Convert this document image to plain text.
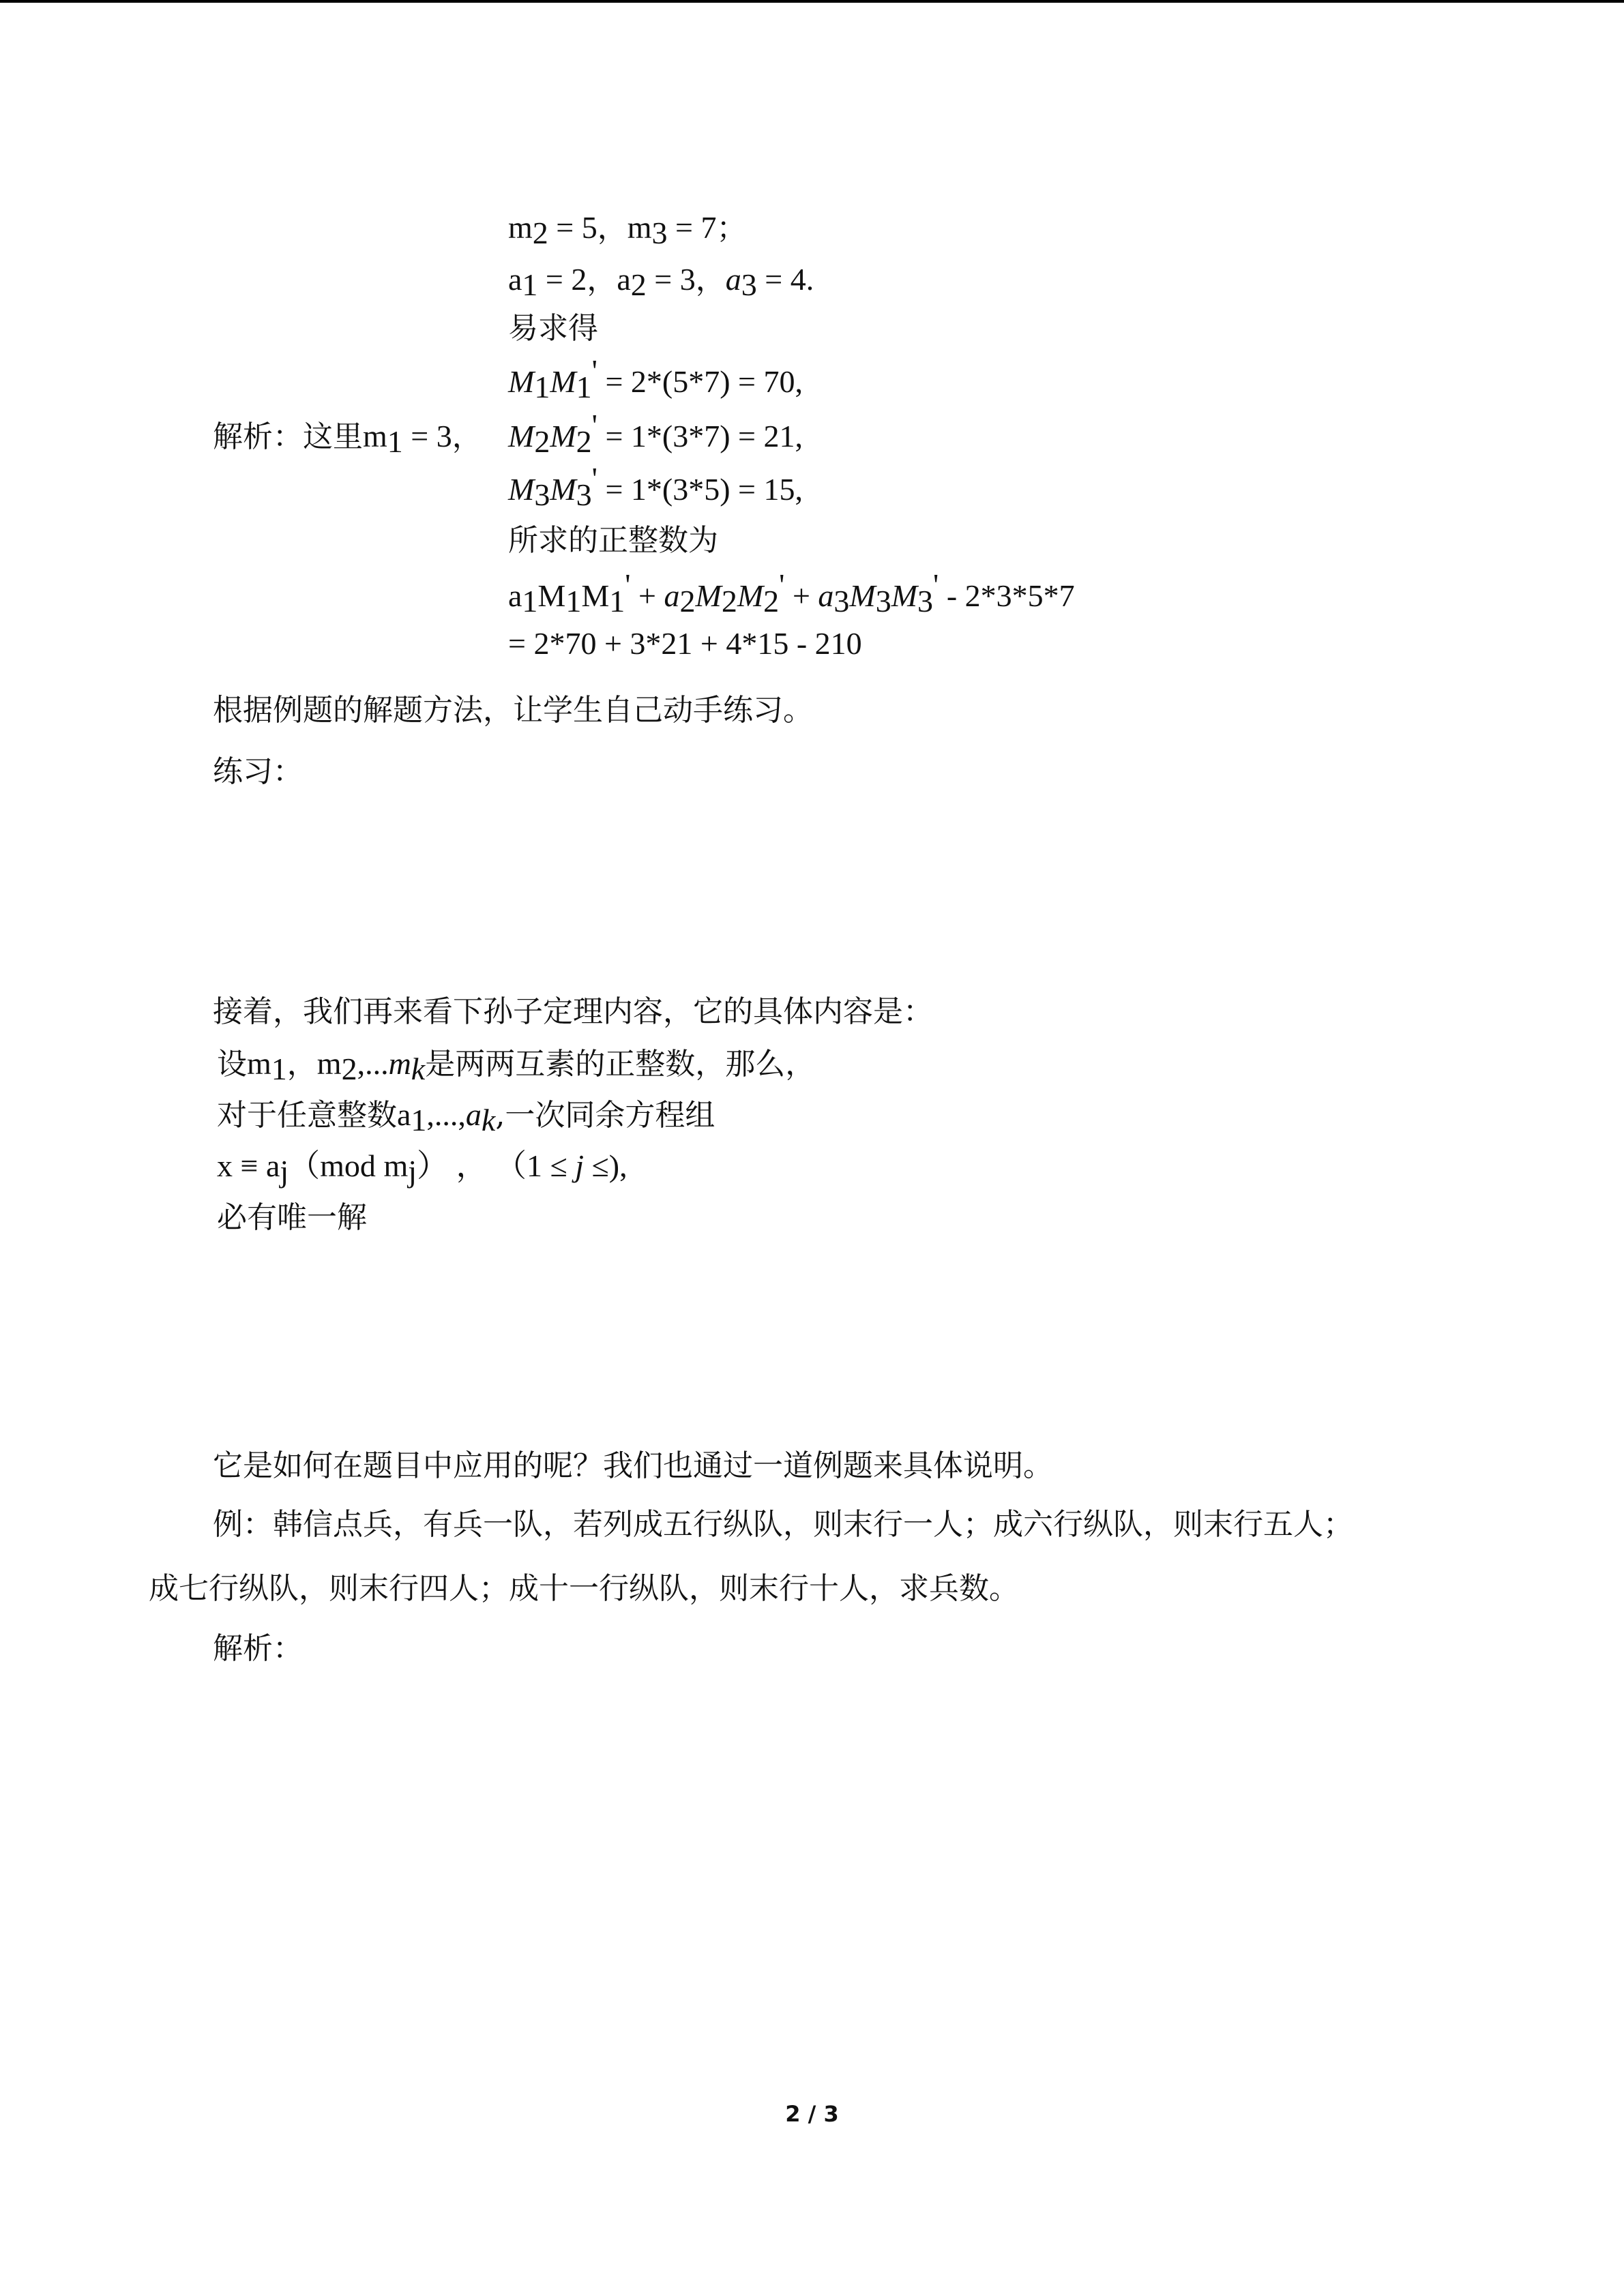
$m_2 = 5$，$m_3 = 7$；
$a_1 = 2$，$a_2 = 3$，$a_3 = 4$.
易求得
$M_1M_1' = 2*(5*7) = 70$,
解析：这里$m_1 = 3$， $M_2M_2' = 1*(3*7) = 21$,
$M_3M_3' = 1*(3*5) = 15$,
所求的正整数为
$a_1M_1M_1' + a_2M_2M_2' + a_3M_3M_3' - 2*3*5*7$
= 2*70 + 3*21 + 4*15 - 210
根据例题的解题方法，让学生自己动手练习。
练习：
接着，我们再来看下孙子定理内容，它的具体内容是：
设$m_1$，$m_2,...m_k$是两两互素的正整数，那么，
对于任意整数$a_1,...,a_k$,一次同余方程组
$x \equiv a_j(mod$ $m_j$） ， （1 ≤ j ≤),
必有唯一解
它是如何在题目中应用的呢？我们也通过一道例题来具体说明。
例：韩信点兵，有兵一队，若列成五行纵队，则末行一人；成六行纵队，则末行五人；
成七行纵队，则末行四人；成十一行纵队，则末行十人，求兵数。
解析：
2 / 3
